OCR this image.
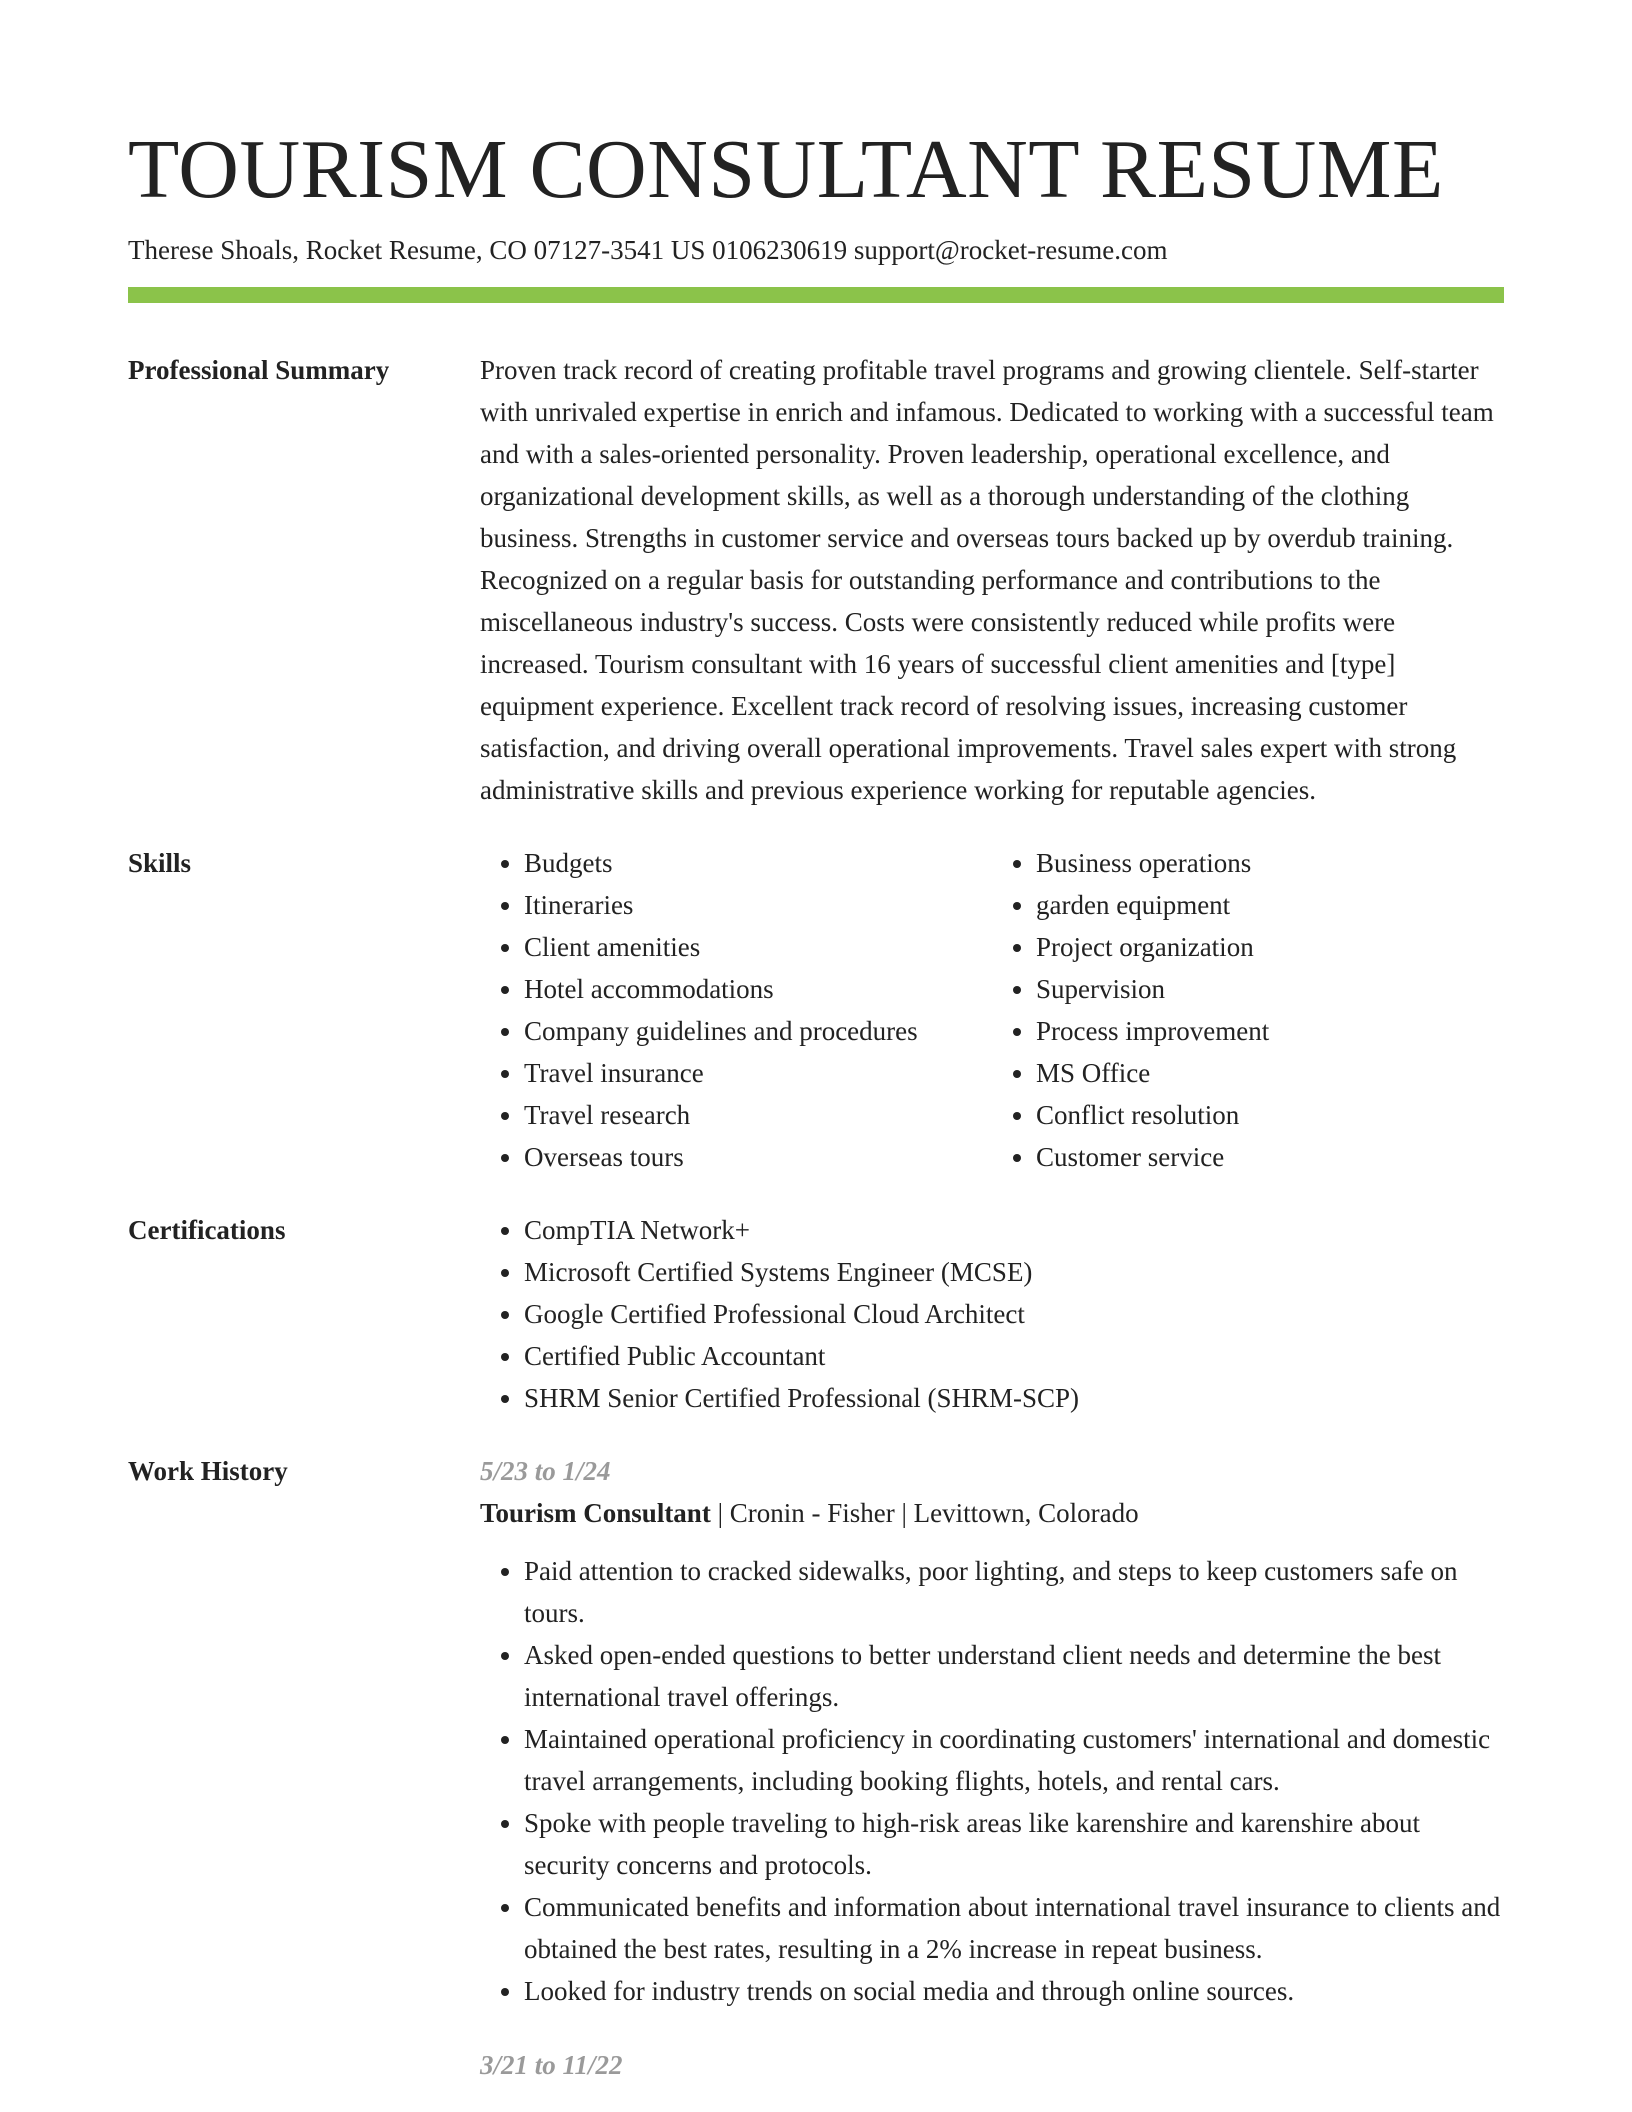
TOURISM CONSULTANT RESUME
Therese Shoals, Rocket Resume, CO 07127-3541 US 0106230619 support@rocket-resume.com
Professional Summary	Proven track record of creating profitable travel programs and growing clientele. Self-starter with unrivaled expertise in enrich and infamous. Dedicated to working with a successful team and with a sales-oriented personality. Proven leadership, operational excellence, and organizational development skills, as well as a thorough understanding of the clothing business. Strengths in customer service and overseas tours backed up by overdub training. Recognized on a regular basis for outstanding performance and contributions to the miscellaneous industry's success. Costs were consistently reduced while profits were increased. Tourism consultant with 16 years of successful client amenities and [type] equipment experience. Excellent track record of resolving issues, increasing customer satisfaction, and driving overall operational improvements. Travel sales expert with strong administrative skills and previous experience working for reputable agencies.

Skills	• Budgets
• Itineraries
• Client amenities
• Hotel accommodations
• Company guidelines and procedures
• Travel insurance
• Travel research
• Overseas tours
• Business operations
• garden equipment
• Project organization
• Supervision
• Process improvement
• MS Office
• Conflict resolution
• Customer service
Certifications	• CompTIA Network+
• Microsoft Certified Systems Engineer (MCSE)
• Google Certified Professional Cloud Architect
• Certified Public Accountant
• SHRM Senior Certified Professional (SHRM-SCP)
Work History	5/23 to 1/24
Tourism Consultant | Cronin - Fisher | Levittown, Colorado
• Paid attention to cracked sidewalks, poor lighting, and steps to keep customers safe on tours.
• Asked open-ended questions to better understand client needs and determine the best international travel offerings.
• Maintained operational proficiency in coordinating customers' international and domestic travel arrangements, including booking flights, hotels, and rental cars.
• Spoke with people traveling to high-risk areas like karenshire and karenshire about security concerns and protocols.
• Communicated benefits and information about international travel insurance to clients and obtained the best rates, resulting in a 2% increase in repeat business.
• Looked for industry trends on social media and through online sources.
3/21 to 11/22
